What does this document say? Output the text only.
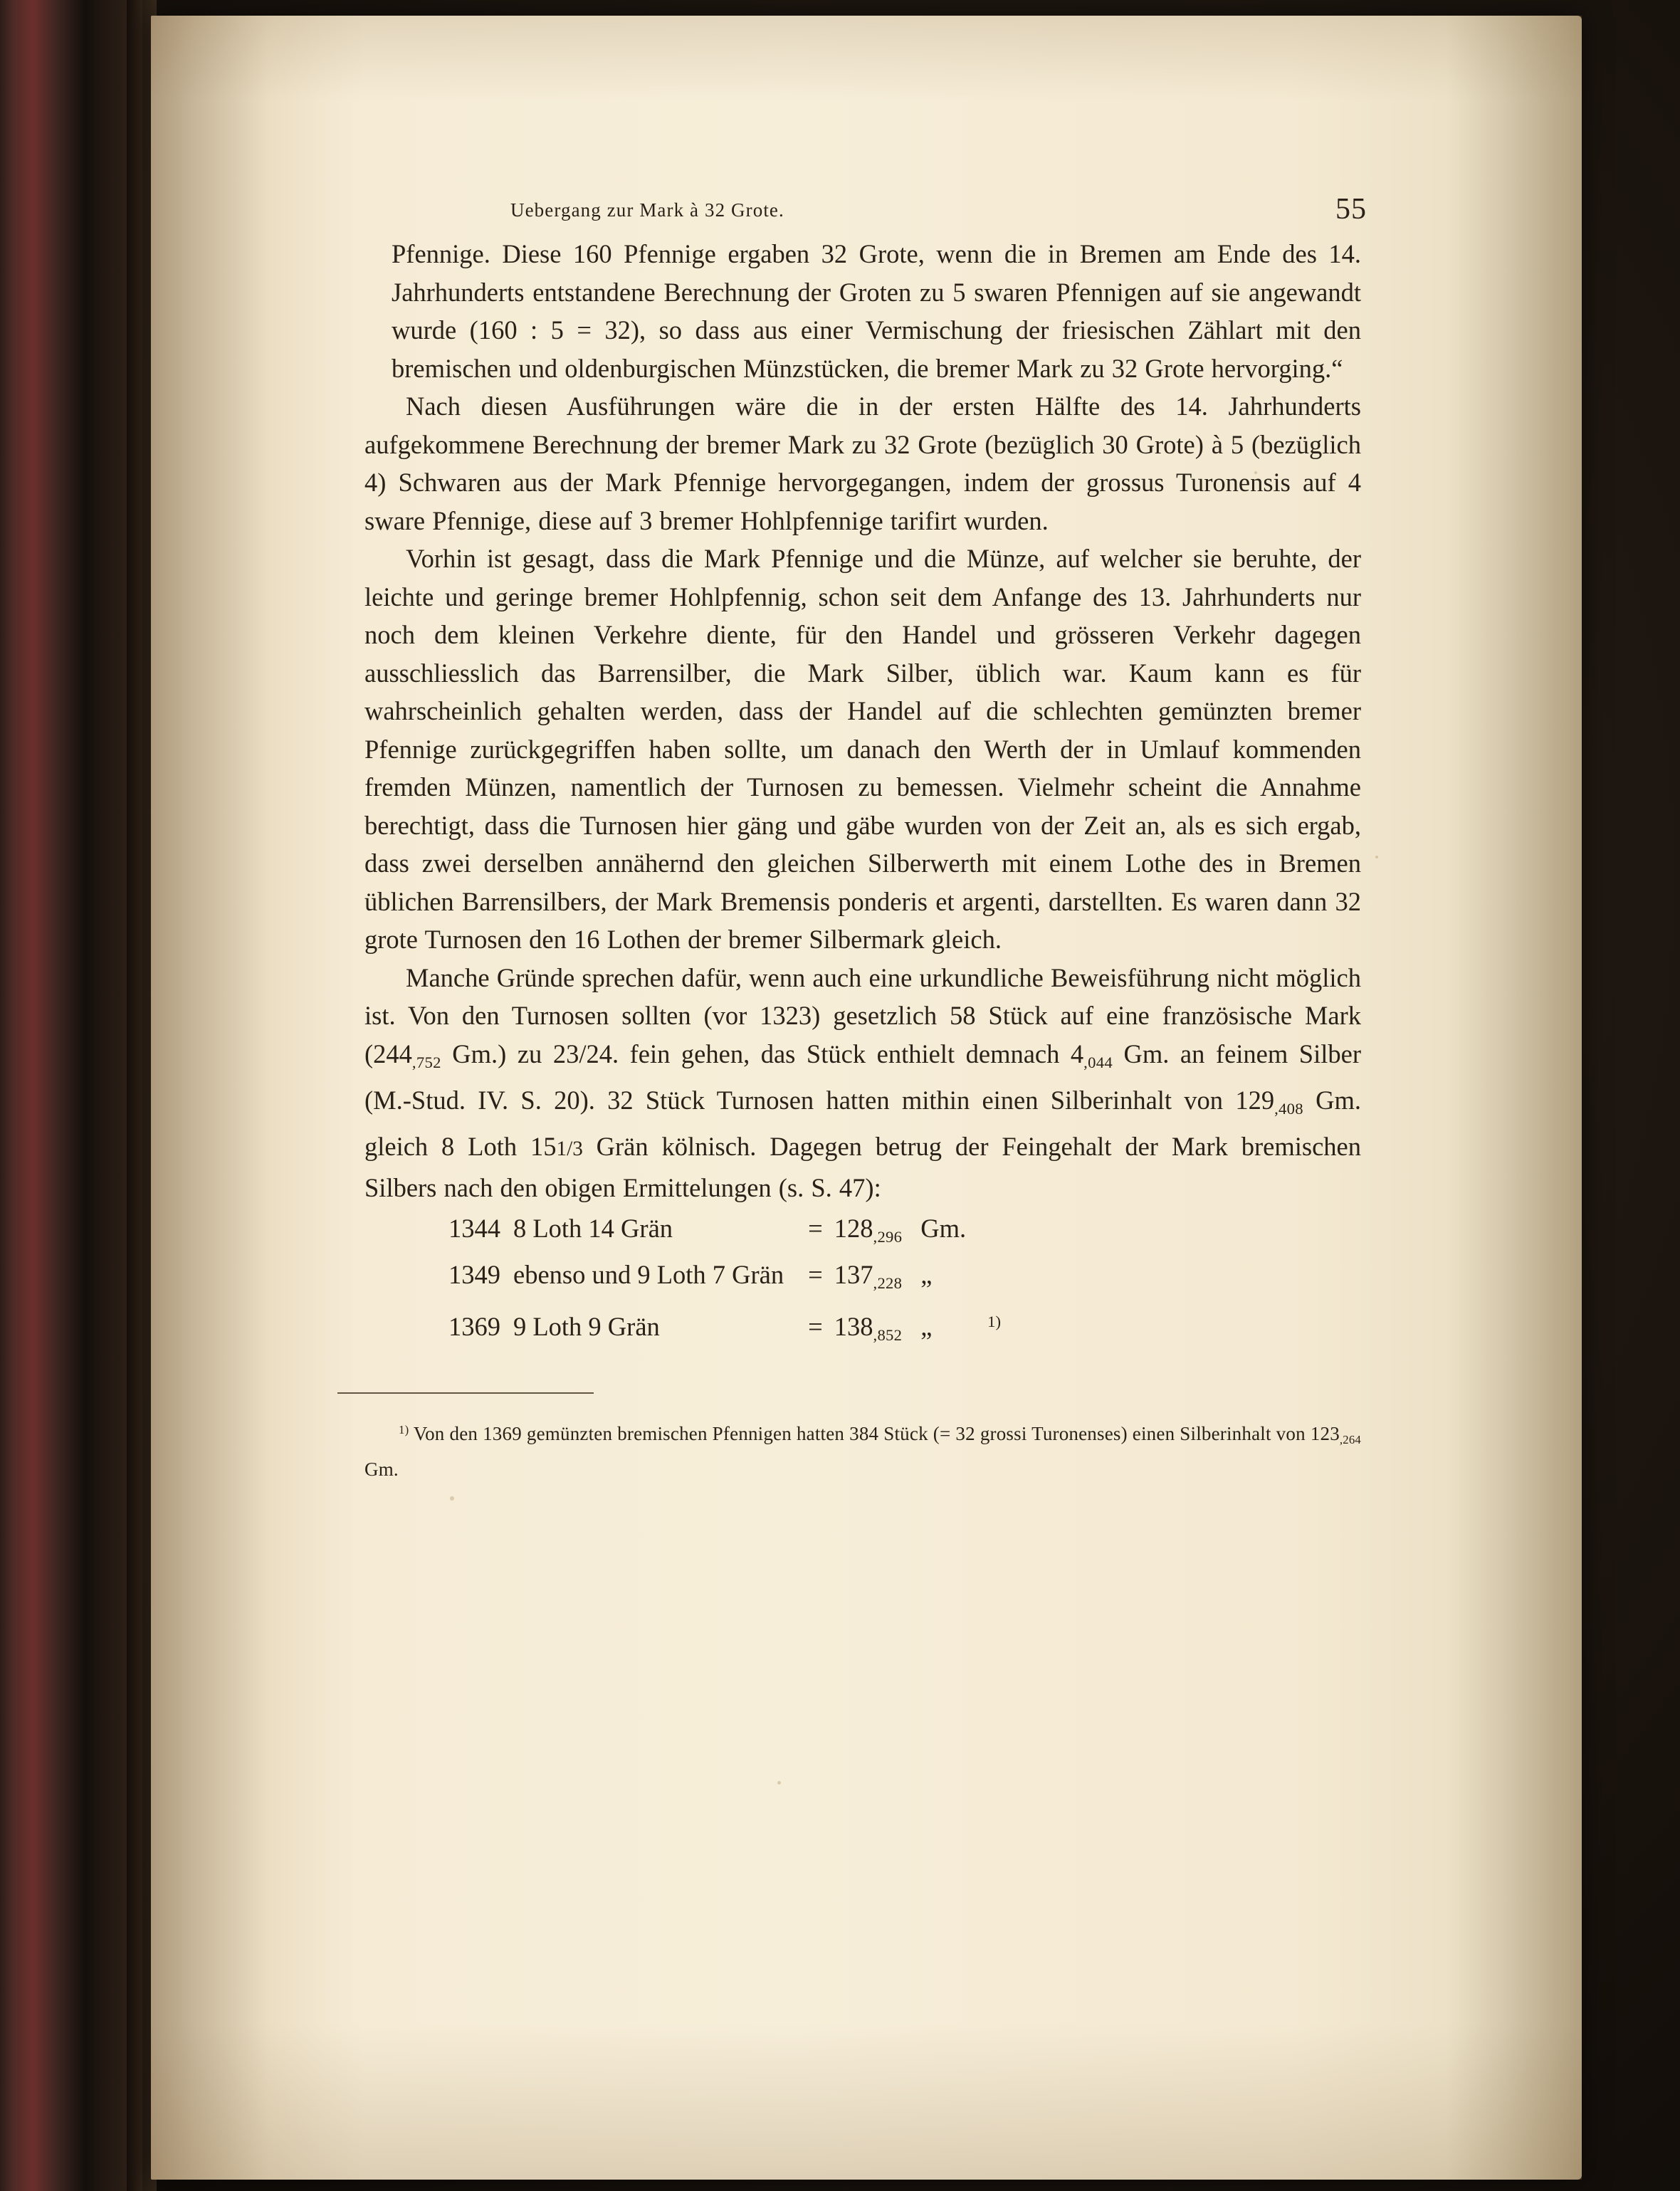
Uebergang zur Mark à 32 Grote.	55

Pfennige. Diese 160 Pfennige ergaben 32 Grote, wenn die in Bremen am Ende des 14. Jahrhunderts entstandene Berechnung der Groten zu 5 swaren Pfennigen auf sie angewandt wurde (160 : 5 = 32), so dass aus einer Vermischung der friesischen Zählart mit den bremischen und oldenburgischen Münzstücken, die bremer Mark zu 32 Grote hervorging.“

Nach diesen Ausführungen wäre die in der ersten Hälfte des 14. Jahrhunderts aufgekommene Berechnung der bremer Mark zu 32 Grote (bezüglich 30 Grote) à 5 (bezüglich 4) Schwaren aus der Mark Pfennige hervorgegangen, indem der grossus Turonensis auf 4 sware Pfennige, diese auf 3 bremer Hohlpfennige tarifirt wurden.

Vorhin ist gesagt, dass die Mark Pfennige und die Münze, auf welcher sie beruhte, der leichte und geringe bremer Hohlpfennig, schon seit dem Anfange des 13. Jahrhunderts nur noch dem kleinen Verkehre diente, für den Handel und grösseren Verkehr dagegen ausschliesslich das Barrensilber, die Mark Silber, üblich war. Kaum kann es für wahrscheinlich gehalten werden, dass der Handel auf die schlechten gemünzten bremer Pfennige zurückgegriffen haben sollte, um danach den Werth der in Umlauf kommenden fremden Münzen, namentlich der Turnosen zu bemessen. Vielmehr scheint die Annahme berechtigt, dass die Turnosen hier gäng und gäbe wurden von der Zeit an, als es sich ergab, dass zwei derselben annähernd den gleichen Silberwerth mit einem Lothe des in Bremen üblichen Barrensilbers, der Mark Bremensis ponderis et argenti, darstellten. Es waren dann 32 grote Turnosen den 16 Lothen der bremer Silbermark gleich.

Manche Gründe sprechen dafür, wenn auch eine urkundliche Beweisführung nicht möglich ist. Von den Turnosen sollten (vor 1323) gesetzlich 58 Stück auf eine französische Mark ($244_{,752}$ Gm.) zu 23/24. fein gehen, das Stück enthielt demnach $4_{,044}$ Gm. an feinem Silber (M.-Stud. IV. S. 20). 32 Stück Turnosen hatten mithin einen Silberinhalt von $129_{,408}$ Gm. gleich 8 Loth 151/3 Grän kölnisch. Dagegen betrug der Feingehalt der Mark bremischen Silbers nach den obigen Ermittelungen (s. S. 47):

1344	8 Loth 14 Grän	=	$128_{,296}$	Gm.	
1349	ebenso und 9 Loth 7 Grän	=	$137_{,228}$	„	
1369	9 Loth 9 Grän	=	$138_{,852}$	„	$^{1)}$
$^{1)}$ Von den 1369 gemünzten bremischen Pfennigen hatten 384 Stück (= 32 grossi Turonenses) einen Silberinhalt von 123,264 Gm.
